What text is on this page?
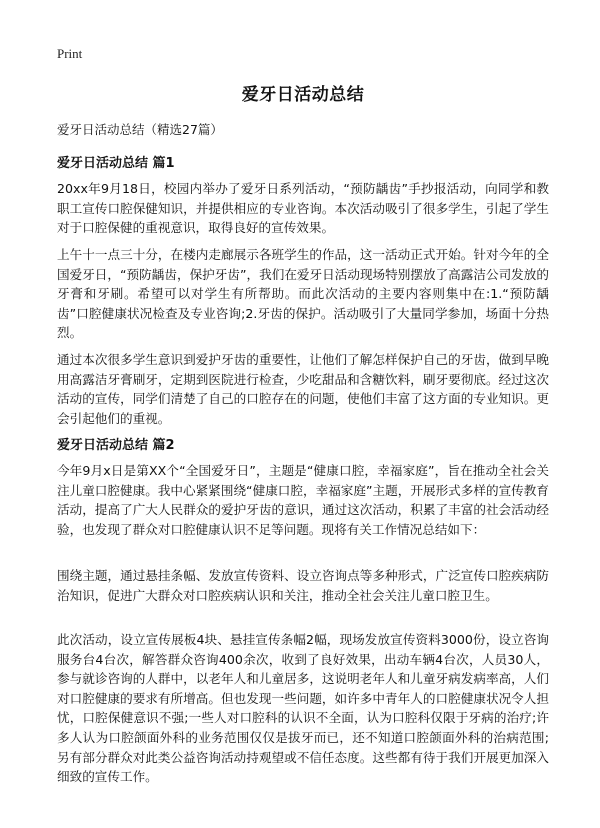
Print
爱牙日活动总结
爱牙日活动总结（精选27篇）
爱牙日活动总结 篇1
20xx年9月18日，校园内举办了爱牙日系列活动，“预防龋齿”手抄报活动，向同学和教职工宣传口腔保健知识，并提供相应的专业咨询。本次活动吸引了很多学生，引起了学生对于口腔保健的重视意识，取得良好的宣传效果。
上午十一点三十分，在楼内走廊展示各班学生的作品，这一活动正式开始。针对今年的全国爱牙日，“预防龋齿，保护牙齿”，我们在爱牙日活动现场特别摆放了高露洁公司发放的牙膏和牙刷。希望可以对学生有所帮助。而此次活动的主要内容则集中在:1.“预防龋齿”口腔健康状况检查及专业咨询;2.牙齿的保护。活动吸引了大量同学参加，场面十分热烈。
通过本次很多学生意识到爱护牙齿的重要性，让他们了解怎样保护自己的牙齿，做到早晚用高露洁牙膏刷牙，定期到医院进行检查，少吃甜品和含糖饮料，刷牙要彻底。经过这次活动的宣传，同学们清楚了自己的口腔存在的问题，使他们丰富了这方面的专业知识。更会引起他们的重视。
爱牙日活动总结 篇2
今年9月x日是第XX个“全国爱牙日”，主题是“健康口腔，幸福家庭”，旨在推动全社会关注儿童口腔健康。我中心紧紧围绕“健康口腔，幸福家庭”主题，开展形式多样的宣传教育活动，提高了广大人民群众的爱护牙齿的意识，通过这次活动，积累了丰富的社会活动经验，也发现了群众对口腔健康认识不足等问题。现将有关工作情况总结如下：
围绕主题，通过悬挂条幅、发放宣传资料、设立咨询点等多种形式，广泛宣传口腔疾病防治知识，促进广大群众对口腔疾病认识和关注，推动全社会关注儿童口腔卫生。
此次活动，设立宣传展板4块、悬挂宣传条幅2幅，现场发放宣传资料3000份，设立咨询服务台4台次，解答群众咨询400余次，收到了良好效果，出动车辆4台次，人员30人，参与就诊咨询的人群中，以老年人和儿童居多，这说明老年人和儿童牙病发病率高，人们对口腔健康的要求有所增高。但也发现一些问题，如许多中青年人的口腔健康状况令人担忧，口腔保健意识不强;一些人对口腔科的认识不全面，认为口腔科仅限于牙病的治疗;许多人认为口腔颌面外科的业务范围仅仅是拔牙而已，还不知道口腔颌面外科的治病范围;另有部分群众对此类公益咨询活动持观望或不信任态度。这些都有待于我们开展更加深入细致的宣传工作。
